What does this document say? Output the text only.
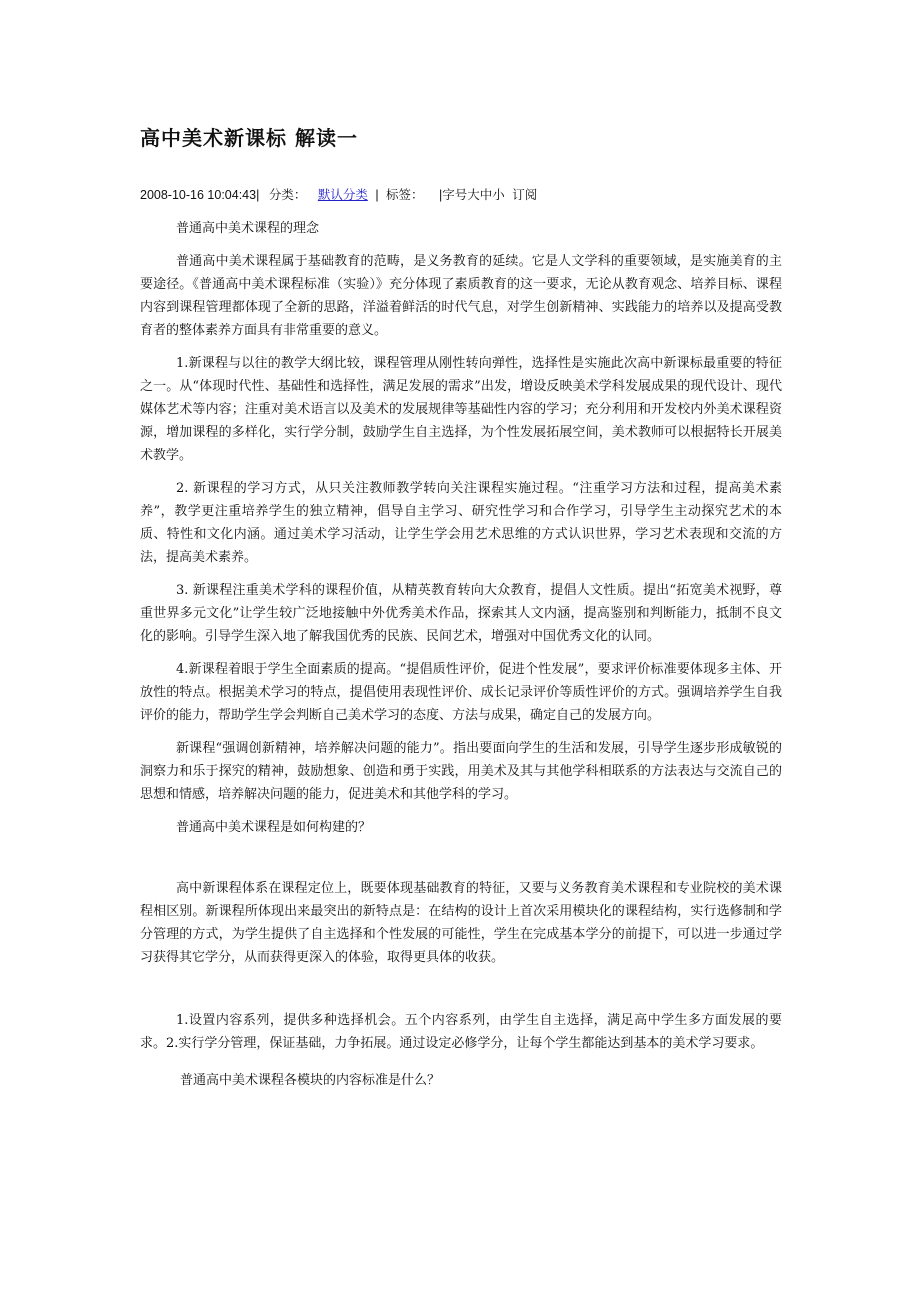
高中美术新课标 解读一
2008-10-16 10:04:43| 分类： 默认分类 | 标签： |字号大中小 订阅

普通高中美术课程的理念

普通高中美术课程属于基础教育的范畴，是义务教育的延续。它是人文学科的重要领域，是实施美育的主要途径。《普通高中美术课程标准（实验）》充分体现了素质教育的这一要求，无论从教育观念、培养目标、课程内容到课程管理都体现了全新的思路，洋溢着鲜活的时代气息，对学生创新精神、实践能力的培养以及提高受教育者的整体素养方面具有非常重要的意义。

1.新课程与以往的教学大纲比较，课程管理从刚性转向弹性，选择性是实施此次高中新课标最重要的特征之一。从“体现时代性、基础性和选择性，满足发展的需求”出发，增设反映美术学科发展成果的现代设计、现代媒体艺术等内容；注重对美术语言以及美术的发展规律等基础性内容的学习；充分利用和开发校内外美术课程资源，增加课程的多样化，实行学分制，鼓励学生自主选择，为个性发展拓展空间，美术教师可以根据特长开展美术教学。

2. 新课程的学习方式，从只关注教师教学转向关注课程实施过程。“注重学习方法和过程，提高美术素养”，教学更注重培养学生的独立精神，倡导自主学习、研究性学习和合作学习，引导学生主动探究艺术的本质、特性和文化内涵。通过美术学习活动，让学生学会用艺术思维的方式认识世界，学习艺术表现和交流的方法，提高美术素养。

3. 新课程注重美术学科的课程价值，从精英教育转向大众教育，提倡人文性质。提出“拓宽美术视野，尊重世界多元文化”让学生较广泛地接触中外优秀美术作品，探索其人文内涵，提高鉴别和判断能力，抵制不良文化的影响。引导学生深入地了解我国优秀的民族、民间艺术，增强对中国优秀文化的认同。

4.新课程着眼于学生全面素质的提高。“提倡质性评价，促进个性发展”，要求评价标准要体现多主体、开放性的特点。根据美术学习的特点，提倡使用表现性评价、成长记录评价等质性评价的方式。强调培养学生自我评价的能力，帮助学生学会判断自己美术学习的态度、方法与成果，确定自己的发展方向。

新课程“强调创新精神，培养解决问题的能力”。指出要面向学生的生活和发展，引导学生逐步形成敏锐的洞察力和乐于探究的精神，鼓励想象、创造和勇于实践，用美术及其与其他学科相联系的方法表达与交流自己的思想和情感，培养解决问题的能力，促进美术和其他学科的学习。

普通高中美术课程是如何构建的？

高中新课程体系在课程定位上，既要体现基础教育的特征，又要与义务教育美术课程和专业院校的美术课程相区别。新课程所体现出来最突出的新特点是：在结构的设计上首次采用模块化的课程结构，实行选修制和学分管理的方式，为学生提供了自主选择和个性发展的可能性，学生在完成基本学分的前提下，可以进一步通过学习获得其它学分，从而获得更深入的体验，取得更具体的收获。

1.设置内容系列，提供多种选择机会。五个内容系列，由学生自主选择，满足高中学生多方面发展的要求。2.实行学分管理，保证基础，力争拓展。通过设定必修学分，让每个学生都能达到基本的美术学习要求。

普通高中美术课程各模块的内容标准是什么？
